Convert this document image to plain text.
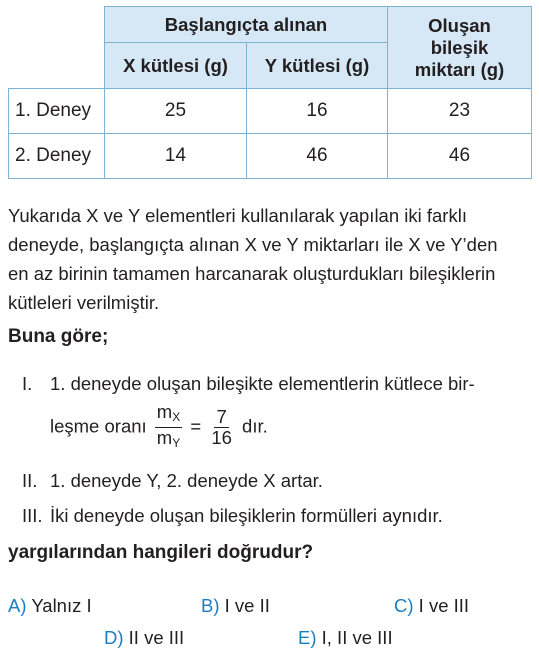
	Başlangıçta alınan		Oluşan
bileşik
miktarı (g)

	X kütlesi (g)	Y kütlesi (g)	
1. Deney	25	16	23
2. Deney	14	46	46
Yukarıda X ve Y elementleri kullanılarak yapılan iki farklı
deneyde, başlangıçta alınan X ve Y miktarları ile X ve Y’den
en az birinin tamamen harcanarak oluşturdukları bileşiklerin
kütleleri verilmiştir.
Buna göre;
I. 1. deneyde oluşan bileşikte elementlerin kütlece bir-
leşme oranı $\frac{m_X}{m_Y} = \frac{7}{16}$ dır.
II. 1. deneyde Y, 2. deneyde X artar.
III. İki deneyde oluşan bileşiklerin formülleri aynıdır.
yargılarından hangileri doğrudur?
A) Yalnız I	B) I ve II	C) I ve III
D) II ve III	E) I, II ve III
